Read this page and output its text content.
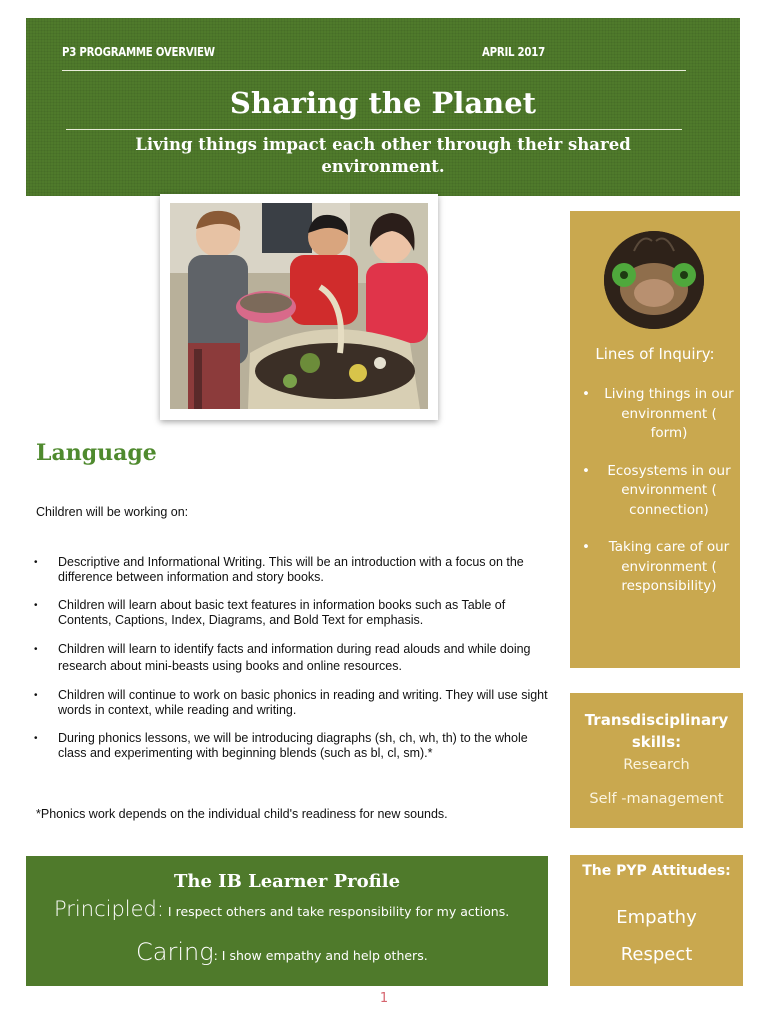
P3 PROGRAMME OVERVIEW	APRIL 2017
Sharing the Planet
Living things impact each other through their shared environment.
Language
Children will be working on:
• Descriptive and Informational Writing. This will be an introduction with a focus on the difference between information and story books.
• Children will learn about basic text features in information books such as Table of Contents, Captions, Index, Diagrams, and Bold Text for emphasis.
• Children will learn to identify facts and information during read alouds and while doing research about mini-beasts using books and online resources.
• Children will continue to work on basic phonics in reading and writing. They will use sight words in context, while reading and writing.
• During phonics lessons, we will be introducing diagraphs (sh, ch, wh, th) to the whole class and experimenting with beginning blends (such as bl, cl, sm).*
*Phonics work depends on the individual child's readiness for new sounds.
Lines of Inquiry:
• Living things in our environment ( form)
• Ecosystems in our environment ( connection)
• Taking care of our environment ( responsibility)
Transdisciplinary skills:
Research
Self -management
The IB Learner Profile
Principled: I respect others and take responsibility for my actions.
Caring: I show empathy and help others.
The PYP Attitudes:
Empathy
Respect
1
